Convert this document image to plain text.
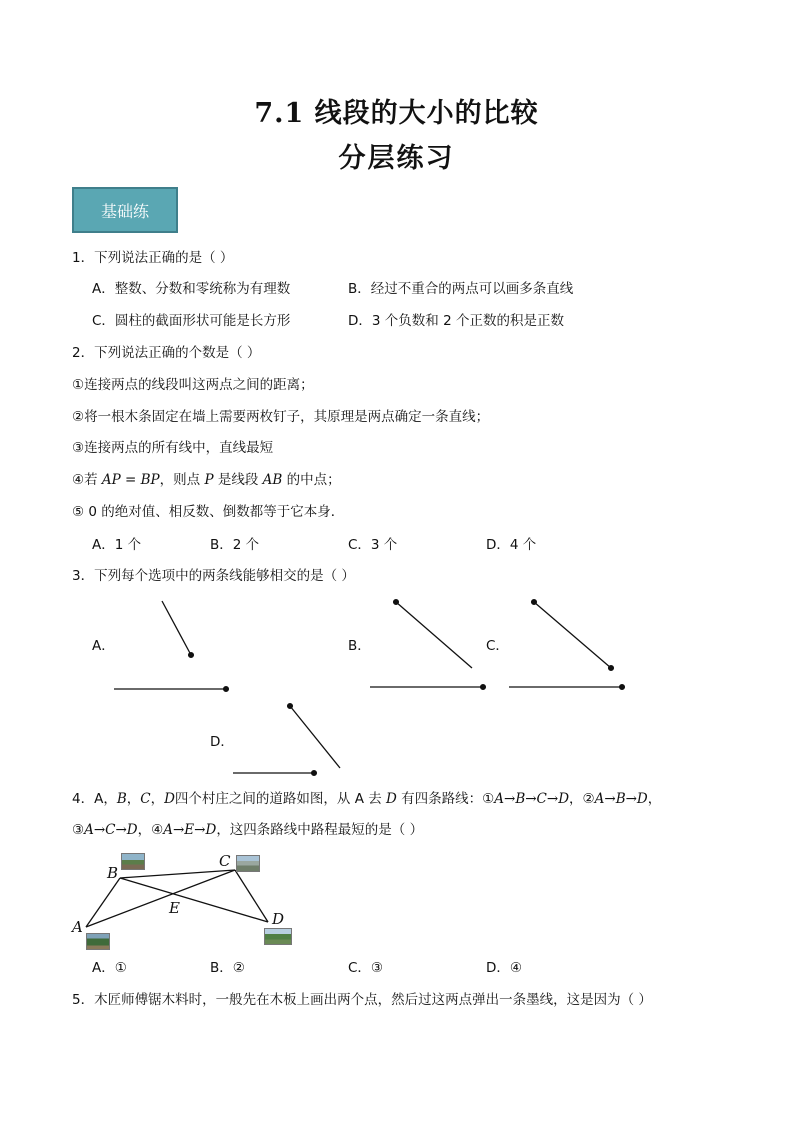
7.1 线段的大小的比较
分层练习
基础练
1．下列说法正确的是（ ）
A．整数、分数和零统称为有理数	B．经过不重合的两点可以画多条直线
C．圆柱的截面形状可能是长方形	D．3 个负数和 2 个正数的积是正数
2．下列说法正确的个数是（ ）
①连接两点的线段叫这两点之间的距离；
②将一根木条固定在墙上需要两枚钉子，其原理是两点确定一条直线；
③连接两点的所有线中，直线最短
④若 AP = BP，则点 P 是线段 AB 的中点；
⑤ 0 的绝对值、相反数、倒数都等于它本身．
A．1 个	B．2 个	C．3 个	D．4 个
3．下列每个选项中的两条线能够相交的是（ ）
A．	B．	C．
D．
4．A，B，C，D四个村庄之间的道路如图，从 A 去 D 有四条路线：①A→B→C→D，②A→B→D，
③A→C→D，④A→E→D，这四条路线中路程最短的是（ ）
B
C
E
A	D
A．①	B．②	C．③	D．④
5．木匠师傅锯木料时，一般先在木板上画出两个点，然后过这两点弹出一条墨线，这是因为（ ）
